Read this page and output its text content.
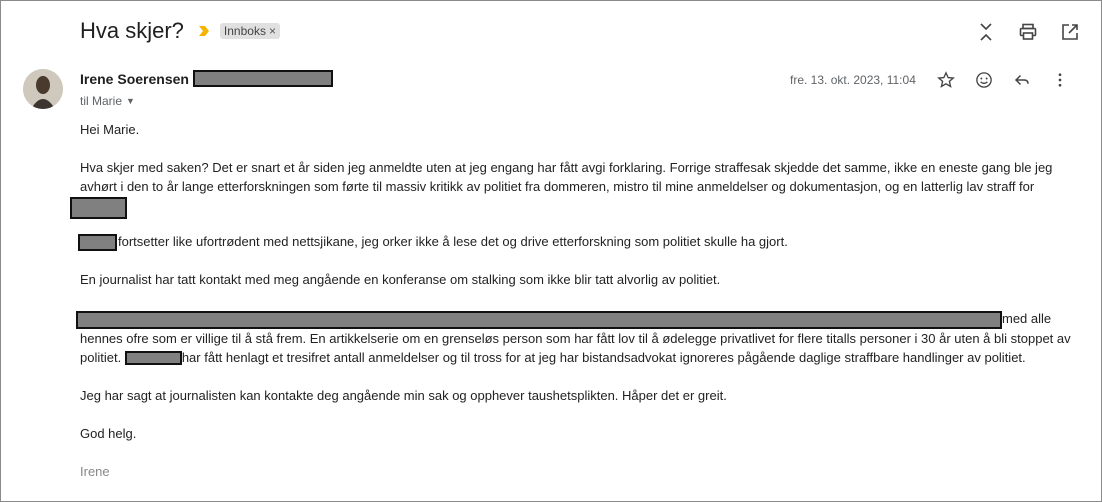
Hva skjer?	Innboks ×
Irene Soerensen
til Marie ▼
fre. 13. okt. 2023, 11:04

Hei Marie.

Hva skjer med saken? Det er snart et år siden jeg anmeldte uten at jeg engang har fått avgi forklaring. Forrige straffesak skjedde det samme, ikke en eneste gang ble jeg avhørt i den to år lange etterforskningen som førte til massiv kritikk av politiet fra dommeren, mistro til mine anmeldelser og dokumentasjon, og en latterlig lav straff for

fortsetter like ufortrødent med nettsjikane, jeg orker ikke å lese det og drive etterforskning som politiet skulle ha gjort.

En journalist har tatt kontakt med meg angående en konferanse om stalking som ikke blir tatt alvorlig av politiet.

med alle hennes ofre som er villige til å stå frem. En artikkelserie om en grenseløs person som har fått lov til å ødelegge privatlivet for flere titalls personer i 30 år uten å bli stoppet av politiet.	har fått henlagt et tresifret antall anmeldelser og til tross for at jeg har bistandsadvokat ignoreres pågående daglige straffbare handlinger av politiet.

Jeg har sagt at journalisten kan kontakte deg angående min sak og opphever taushetsplikten. Håper det er greit.

God helg.

Irene
